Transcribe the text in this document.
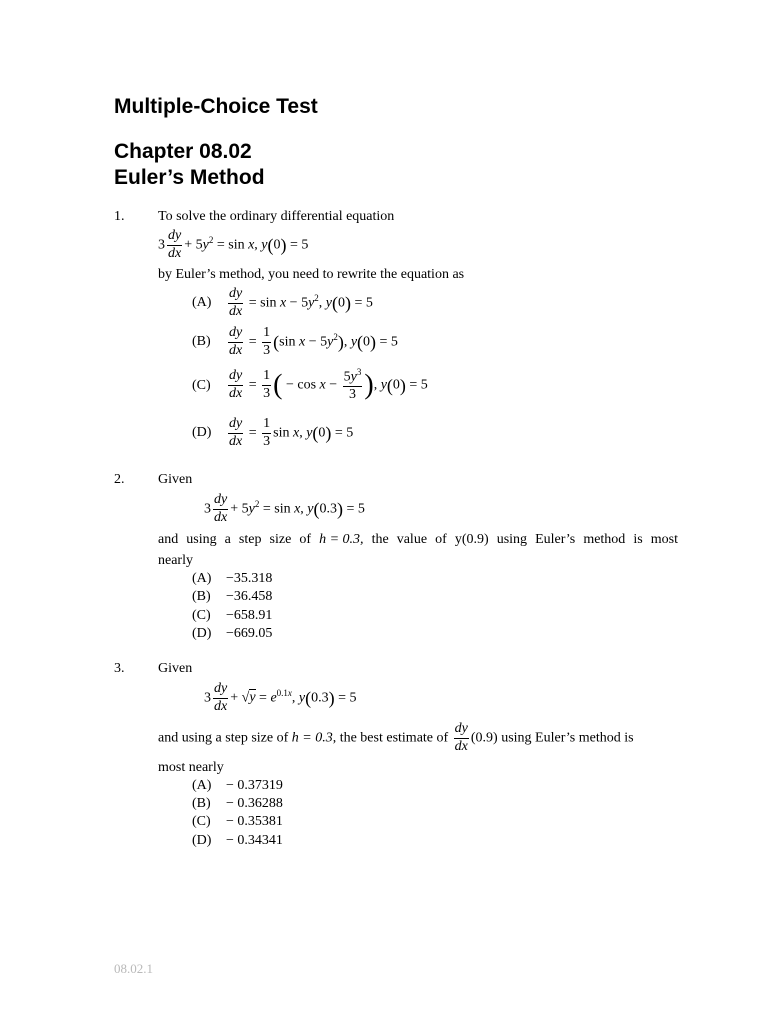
Multiple-Choice Test
Chapter 08.02
Euler’s Method
1. To solve the ordinary differential equation
$3 \frac{dy}{dx} + 5y^2 = \sin x$, y(0) = 5
by Euler’s method, you need to rewrite the equation as
$(A) \frac{dy}{dx} = \sin x - 5y^2$, y(0) = 5
$(B) \frac{dy}{dx} = \frac{1}{3} (\sin$ $x - 5y^2$), y(0) = 5
$(C) \frac{dy}{dx} = \frac{1}{3}$ ( − $\cos x - \frac{5y^3}{3}$ ), y(0) = 5
$(D) \frac{dy}{dx} = \frac{1}{3}$ sin x, y(0) = 5
2. Given
$3 \frac{dy}{dx} + 5y^2 = \sin x$, y(0.3) = 5
and using a step size of h = 0.3, the value of y(0.9) using Euler’s method is most
nearly
(A) −35.318
(B) −36.458
(C) −658.91
(D) −669.05
3. Given
$3 \frac{dy}{dx} + √y = e^{0.1x}$, y(0.3) = 5
and using a step size of h = 0.3, the best estimate of $\frac{dy}{dx} (0.9)$ using Euler’s method is
most nearly
(A) − 0.37319
(B) − 0.36288
(C) − 0.35381
(D) − 0.34341
08.02.1
